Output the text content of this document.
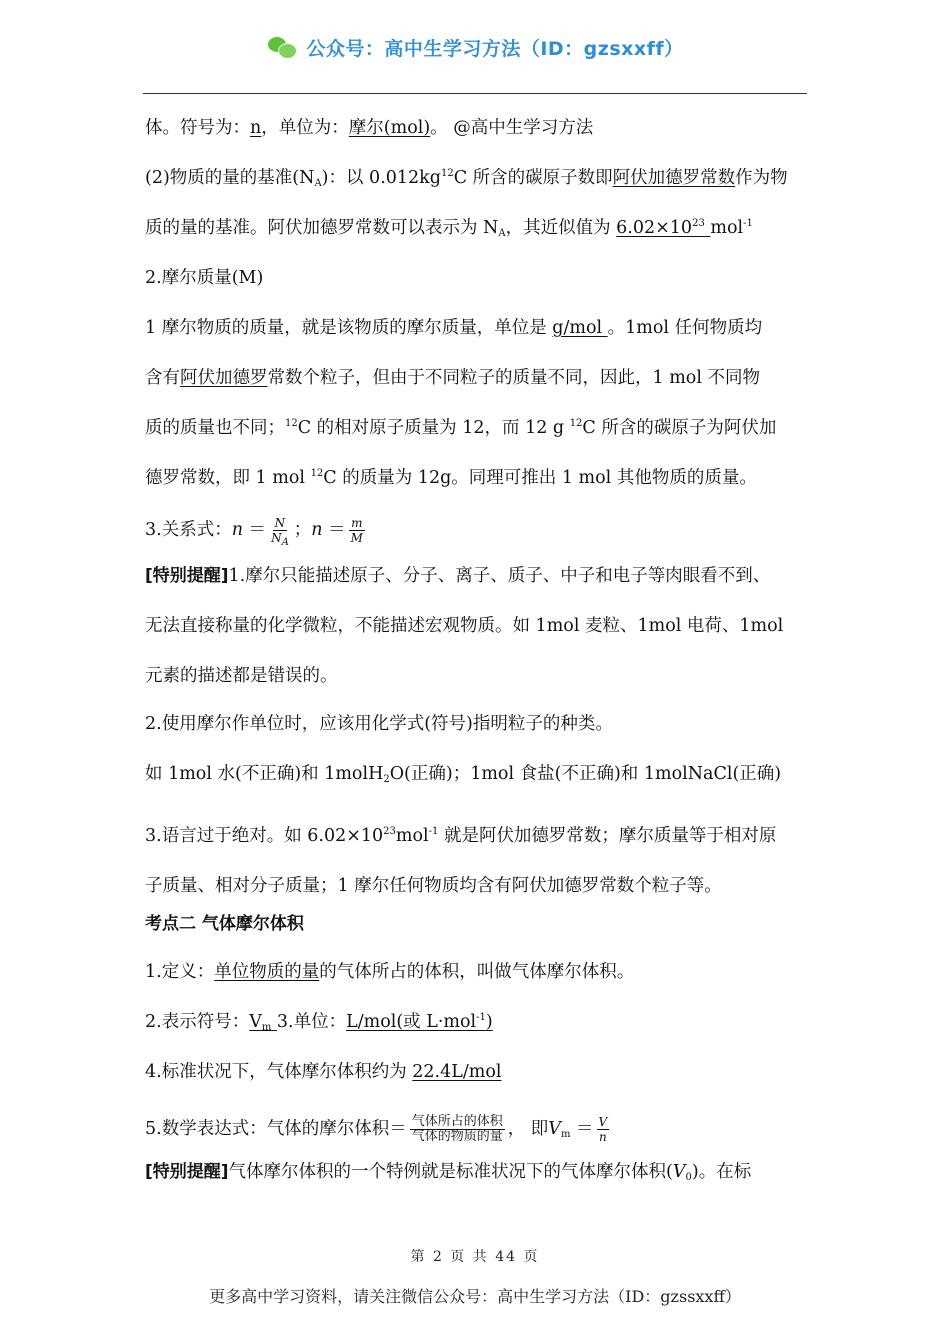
公众号：高中生学习方法（ID：gzsxxff）
体。符号为：n，单位为：摩尔(mol)。 @高中生学习方法
(2)物质的量的基准$(N_A)$：以 $0.012kg^{12}C$ 所含的碳原子数即阿伏加德罗常数作为物
质的量的基准。阿伏加德罗常数可以表示为 $N_A$，其近似值为 $6.02\times 10^{23}$ mol$^{-1}$
2.摩尔质量(M)
1 摩尔物质的质量，就是该物质的摩尔质量，单位是 g/mol 。1mol 任何物质均
含有阿伏加德罗常数个粒子，但由于不同粒子的质量不同，因此，1 mol 不同物
质的质量也不同；$^{12}$C 的相对原子质量为 12，而 12 g $^{12}$C 所含的碳原子为阿伏加
德罗常数，即 1 mol $^{12}$C 的质量为 12g。同理可推出 1 mol 其他物质的质量。
3.关系式：$n = \frac{N}{N_A}$ ；$n = \frac{m}{M}$
[特别提醒]1.摩尔只能描述原子、分子、离子、质子、中子和电子等肉眼看不到、
无法直接称量的化学微粒，不能描述宏观物质。如 1mol 麦粒、1mol 电荷、1mol
元素的描述都是错误的。
2.使用摩尔作单位时，应该用化学式(符号)指明粒子的种类。
如 1mol 水(不正确)和 1molH$_2$O(正确)；1mol 食盐(不正确)和 1molNaCl(正确)
3.语言过于绝对。如 $6.02\times 10^{23}mol^{-1}$ 就是阿伏加德罗常数；摩尔质量等于相对原
子质量、相对分子质量；1 摩尔任何物质均含有阿伏加德罗常数个粒子等。
考点二 气体摩尔体积
1.定义：单位物质的量的气体所占的体积，叫做气体摩尔体积。
2.表示符号：$V_m$ 3.单位：L/mol(或 L·mol$^{-1}$)
4.标准状况下，气体摩尔体积约为 22.4L/mol
5.数学表达式：气体的摩尔体积＝ $\frac{\text{气体所占的体积}}{\text{气体的物质的量}}$ ， 即$V_m = \frac{V}{n}$
[特别提醒]气体摩尔体积的一个特例就是标准状况下的气体摩尔体积$(V_0)$。在标
第 2 页 共 44 页
更多高中学习资料，请关注微信公众号：高中生学习方法（ID：gzssxxff）
